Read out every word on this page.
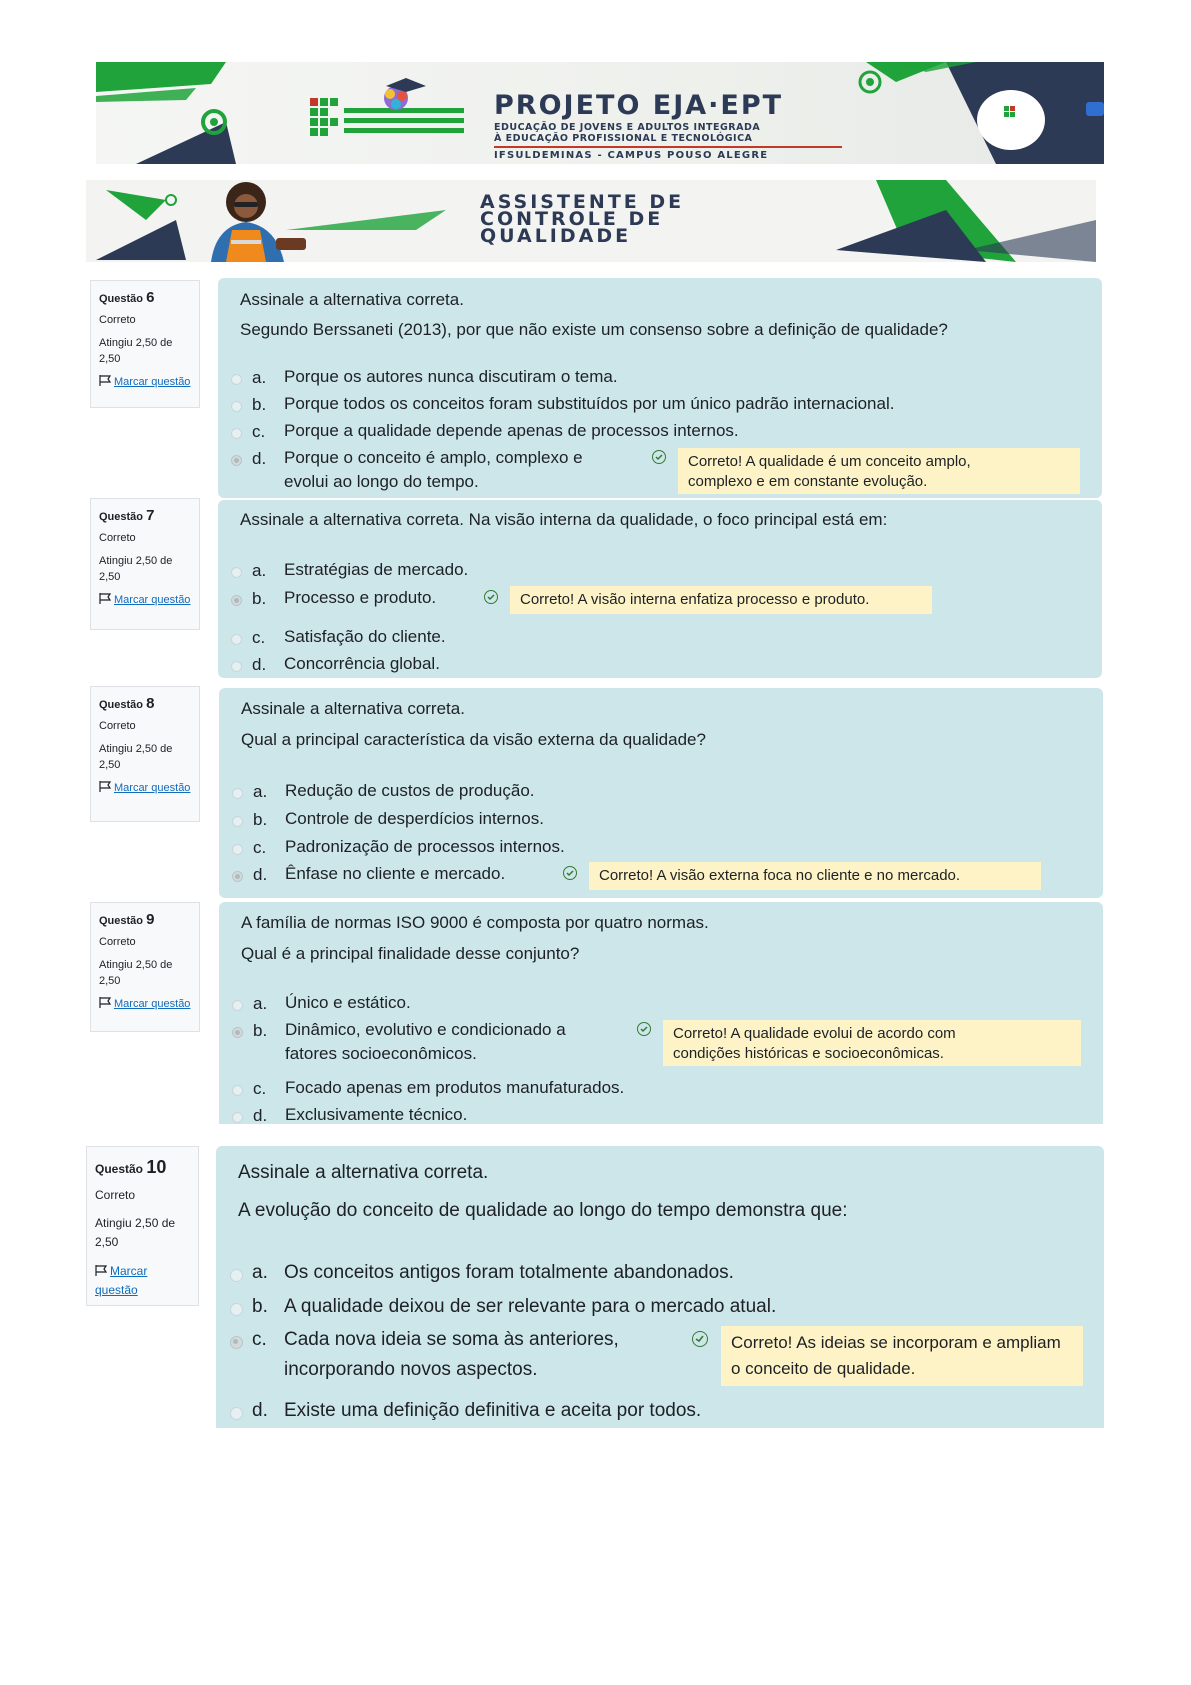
PROJETO EJA·EPT
EDUCAÇÃO DE JOVENS E ADULTOS INTEGRADA
À EDUCAÇÃO PROFISSIONAL E TECNOLÓGICA
IFSULDEMINAS - CAMPUS POUSO ALEGRE
ASSISTENTE DE
CONTROLE DE
QUALIDADE
Questão 6
Correto
Atingiu 2,50 de 2,50
Marcar questão
Assinale a alternativa correta.
Segundo Berssaneti (2013), por que não existe um consenso sobre a definição de qualidade?
a. Porque os autores nunca discutiram o tema.
b. Porque todos os conceitos foram substituídos por um único padrão internacional.
c. Porque a qualidade depende apenas de processos internos.
d. Porque o conceito é amplo, complexo e
evolui ao longo do tempo.
Correto! A qualidade é um conceito amplo,
complexo e em constante evolução.
Questão 7
Correto
Atingiu 2,50 de 2,50
Marcar questão
Assinale a alternativa correta. Na visão interna da qualidade, o foco principal está em:
a. Estratégias de mercado.
b. Processo e produto.	Correto! A visão interna enfatiza processo e produto.
c. Satisfação do cliente.
d. Concorrência global.
Questão 8
Correto
Atingiu 2,50 de 2,50
Marcar questão
Assinale a alternativa correta.
Qual a principal característica da visão externa da qualidade?
a. Redução de custos de produção.
b. Controle de desperdícios internos.
c. Padronização de processos internos.
d. Ênfase no cliente e mercado.	Correto! A visão externa foca no cliente e no mercado.
Questão 9
Correto
Atingiu 2,50 de 2,50
Marcar questão
A família de normas ISO 9000 é composta por quatro normas.
Qual é a principal finalidade desse conjunto?
a. Único e estático.
b. Dinâmico, evolutivo e condicionado a
fatores socioeconômicos.
Correto! A qualidade evolui de acordo com
condições históricas e socioeconômicas.
c. Focado apenas em produtos manufaturados.
d. Exclusivamente técnico.
Questão 10
Correto
Atingiu 2,50 de 2,50
Marcar questão
Assinale a alternativa correta.
A evolução do conceito de qualidade ao longo do tempo demonstra que:
a. Os conceitos antigos foram totalmente abandonados.
b. A qualidade deixou de ser relevante para o mercado atual.
c. Cada nova ideia se soma às anteriores,
incorporando novos aspectos.
Correto! As ideias se incorporam e ampliam
o conceito de qualidade.
d. Existe uma definição definitiva e aceita por todos.
